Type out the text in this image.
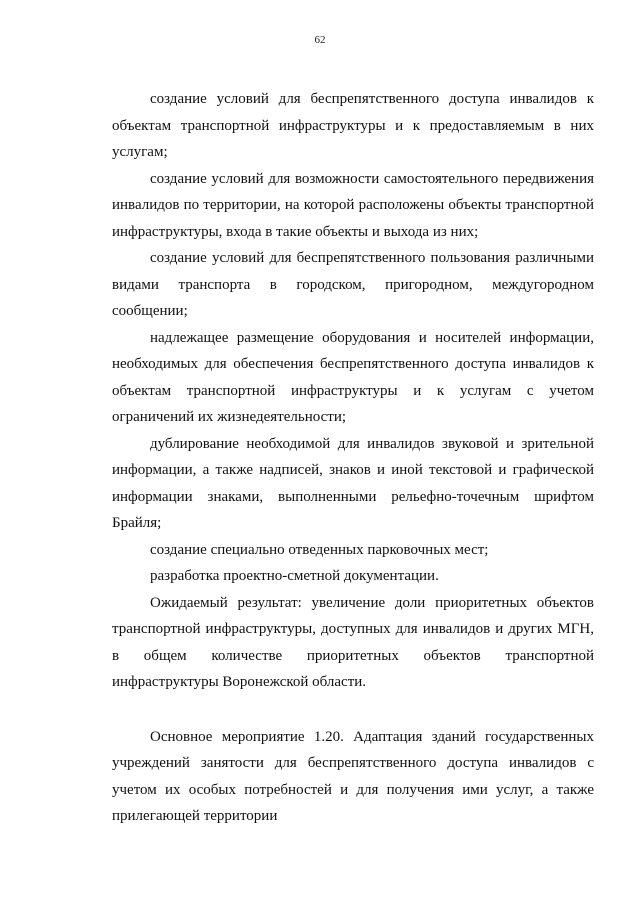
62

создание условий для беспрепятственного доступа инвалидов к объектам транспортной инфраструктуры и к предоставляемым в них услугам;

создание условий для возможности самостоятельного передвижения инвалидов по территории, на которой расположены объекты транспортной инфраструктуры, входа в такие объекты и выхода из них;

создание условий для беспрепятственного пользования различными видами транспорта в городском, пригородном, междугородном сообщении;

надлежащее размещение оборудования и носителей информации, необходимых для обеспечения беспрепятственного доступа инвалидов к объектам транспортной инфраструктуры и к услугам с учетом ограничений их жизнедеятельности;

дублирование необходимой для инвалидов звуковой и зрительной информации, а также надписей, знаков и иной текстовой и графической информации знаками, выполненными рельефно-точечным шрифтом Брайля;

создание специально отведенных парковочных мест;

разработка проектно-сметной документации.

Ожидаемый результат: увеличение доли приоритетных объектов транспортной инфраструктуры, доступных для инвалидов и других МГН, в общем количестве приоритетных объектов транспортной инфраструктуры Воронежской области.

Основное мероприятие 1.20. Адаптация зданий государственных учреждений занятости для беспрепятственного доступа инвалидов с учетом их особых потребностей и для получения ими услуг, а также прилегающей территории
